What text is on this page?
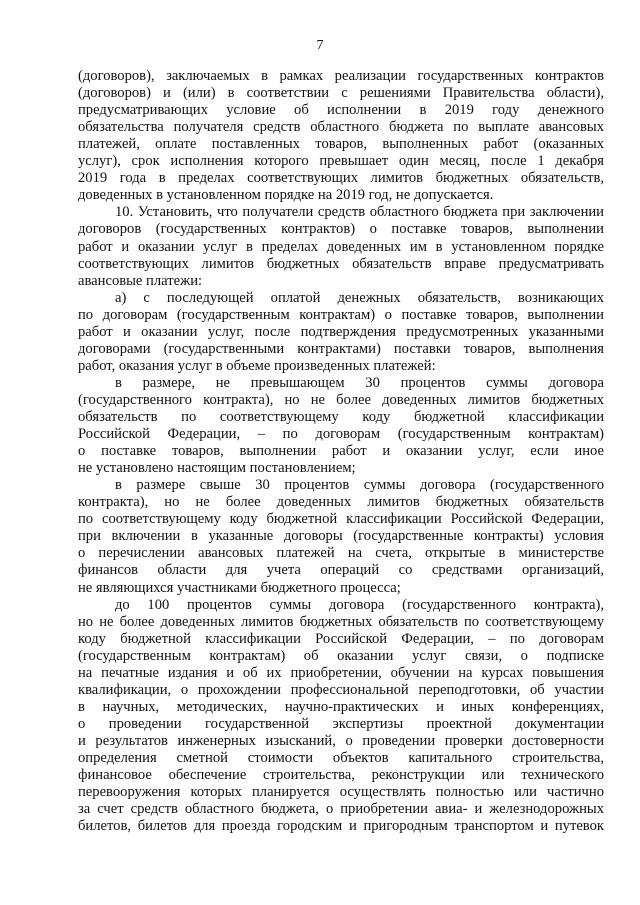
7
(договоров), заключаемых в рамках реализации государственных контрактов
(договоров) и (или) в соответствии с решениями Правительства области),
предусматривающих условие об исполнении в 2019 году денежного
обязательства получателя средств областного бюджета по выплате авансовых
платежей, оплате поставленных товаров, выполненных работ (оказанных
услуг), срок исполнения которого превышает один месяц, после 1 декабря
2019 года в пределах соответствующих лимитов бюджетных обязательств,
доведенных в установленном порядке на 2019 год, не допускается.
10. Установить, что получатели средств областного бюджета при заключении
договоров (государственных контрактов) о поставке товаров, выполнении
работ и оказании услуг в пределах доведенных им в установленном порядке
соответствующих лимитов бюджетных обязательств вправе предусматривать
авансовые платежи:
а) с последующей оплатой денежных обязательств, возникающих
по договорам (государственным контрактам) о поставке товаров, выполнении
работ и оказании услуг, после подтверждения предусмотренных указанными
договорами (государственными контрактами) поставки товаров, выполнения
работ, оказания услуг в объеме произведенных платежей:
в размере, не превышающем 30 процентов суммы договора
(государственного контракта), но не более доведенных лимитов бюджетных
обязательств по соответствующему коду бюджетной классификации
Российской Федерации, – по договорам (государственным контрактам)
о поставке товаров, выполнении работ и оказании услуг, если иное
не установлено настоящим постановлением;
в размере свыше 30 процентов суммы договора (государственного
контракта), но не более доведенных лимитов бюджетных обязательств
по соответствующему коду бюджетной классификации Российской Федерации,
при включении в указанные договоры (государственные контракты) условия
о перечислении авансовых платежей на счета, открытые в министерстве
финансов области для учета операций со средствами организаций,
не являющихся участниками бюджетного процесса;
до 100 процентов суммы договора (государственного контракта),
но не более доведенных лимитов бюджетных обязательств по соответствующему
коду бюджетной классификации Российской Федерации, – по договорам
(государственным контрактам) об оказании услуг связи, о подписке
на печатные издания и об их приобретении, обучении на курсах повышения
квалификации, о прохождении профессиональной переподготовки, об участии
в научных, методических, научно-практических и иных конференциях,
о проведении государственной экспертизы проектной документации
и результатов инженерных изысканий, о проведении проверки достоверности
определения сметной стоимости объектов капитального строительства,
финансовое обеспечение строительства, реконструкции или технического
перевооружения которых планируется осуществлять полностью или частично
за счет средств областного бюджета, о приобретении авиа- и железнодорожных
билетов, билетов для проезда городским и пригородным транспортом и путевок
